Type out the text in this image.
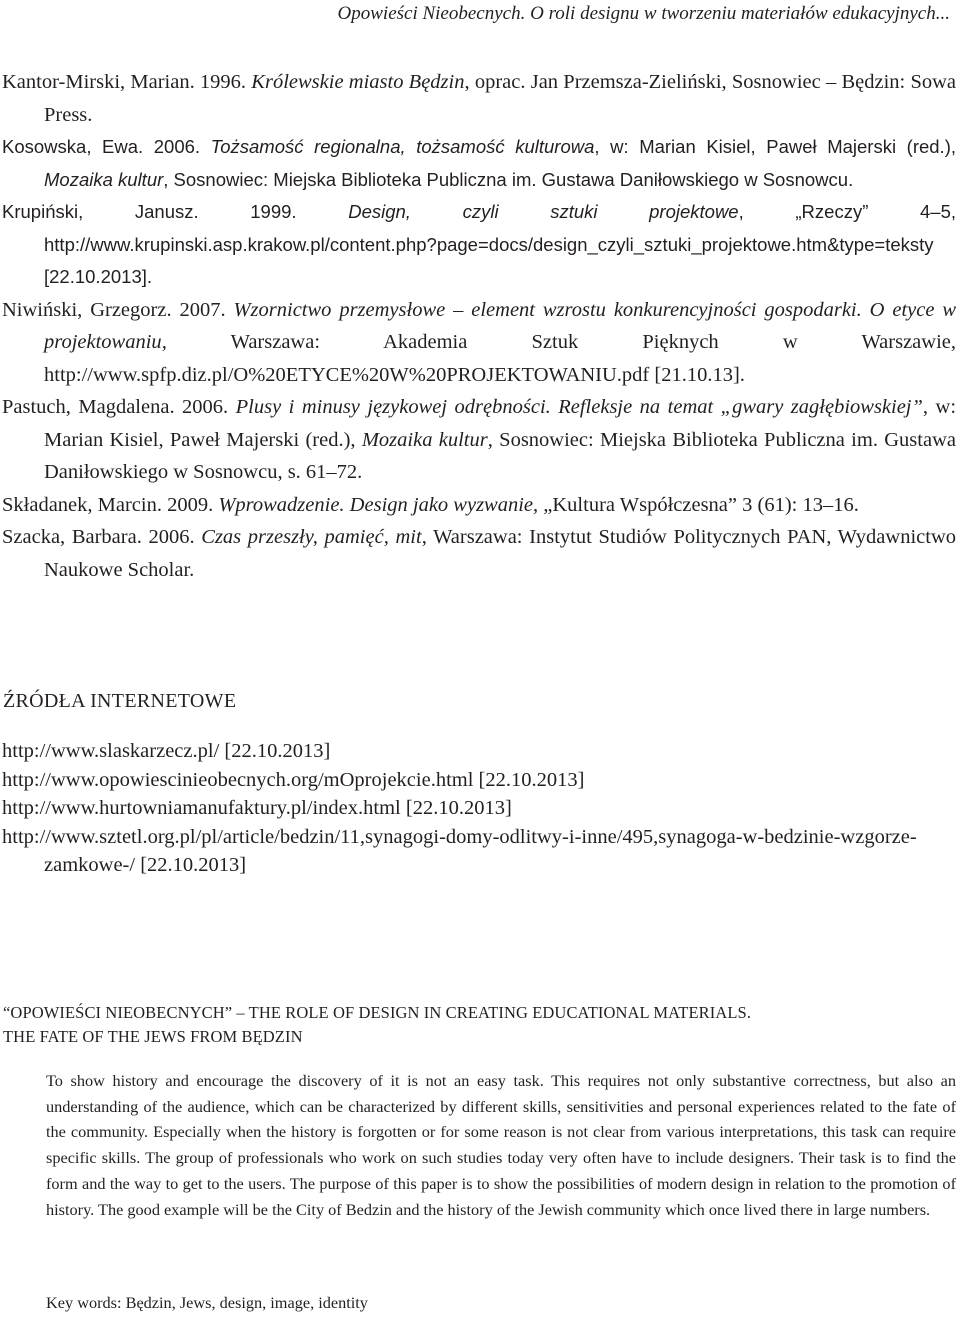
Opowieści Nieobecnych. O roli designu w tworzeniu materiałów edukacyjnych...
Kantor-Mirski, Marian. 1996. Królewskie miasto Będzin, oprac. Jan Przemsza-Zieliński, Sosnowiec – Będzin: Sowa Press.
Kosowska, Ewa. 2006. Tożsamość regionalna, tożsamość kulturowa, w: Marian Kisiel, Paweł Majerski (red.), Mozaika kultur, Sosnowiec: Miejska Biblioteka Publiczna im. Gustawa Daniłowskiego w Sosnowcu.
Krupiński, Janusz. 1999. Design, czyli sztuki projektowe, „Rzeczy” 4–5, http://www.krupinski.asp.krakow.pl/content.php?page=docs/design_czyli_sztuki_projektowe.htm&type=teksty [22.10.2013].
Niwiński, Grzegorz. 2007. Wzornictwo przemysłowe – element wzrostu konkurencyjności gospodarki. O etyce w projektowaniu, Warszawa: Akademia Sztuk Pięknych w Warszawie, http://www.spfp.diz.pl/O%20ETYCE%20W%20PROJEKTOWANIU.pdf [21.10.13].
Pastuch, Magdalena. 2006. Plusy i minusy językowej odrębności. Refleksje na temat „gwary zagłębiowskiej”, w: Marian Kisiel, Paweł Majerski (red.), Mozaika kultur, Sosnowiec: Miejska Biblioteka Publiczna im. Gustawa Daniłowskiego w Sosnowcu, s. 61–72.
Składanek, Marcin. 2009. Wprowadzenie. Design jako wyzwanie, „Kultura Współczesna” 3 (61): 13–16.
Szacka, Barbara. 2006. Czas przeszły, pamięć, mit, Warszawa: Instytut Studiów Politycznych PAN, Wydawnictwo Naukowe Scholar.
ŹRÓDŁA INTERNETOWE
http://www.slaskarzecz.pl/ [22.10.2013]
http://www.opowiescinieobecnych.org/mOprojekcie.html [22.10.2013]
http://www.hurtowniamanufaktury.pl/index.html [22.10.2013]
http://www.sztetl.org.pl/pl/article/bedzin/11,synagogi-domy-odlitwy-i-inne/495,synagoga-w-bedzinie-wzgorze-zamkowe-/ [22.10.2013]
“OPOWIEŚCI NIEOBECNYCH” – THE ROLE OF DESIGN IN CREATING EDUCATIONAL MATERIALS.
THE FATE OF THE JEWS FROM BĘDZIN
To show history and encourage the discovery of it is not an easy task. This requires not only substantive correctness, but also an understanding of the audience, which can be characterized by different skills, sensitivities and personal experiences related to the fate of the community. Especially when the history is forgotten or for some reason is not clear from various interpretations, this task can require specific skills. The group of professionals who work on such studies today very often have to include designers. Their task is to find the form and the way to get to the users. The purpose of this paper is to show the possibilities of modern design in relation to the promotion of history. The good example will be the City of Bedzin and the history of the Jewish community which once lived there in large numbers.
Key words: Będzin, Jews, design, image, identity
